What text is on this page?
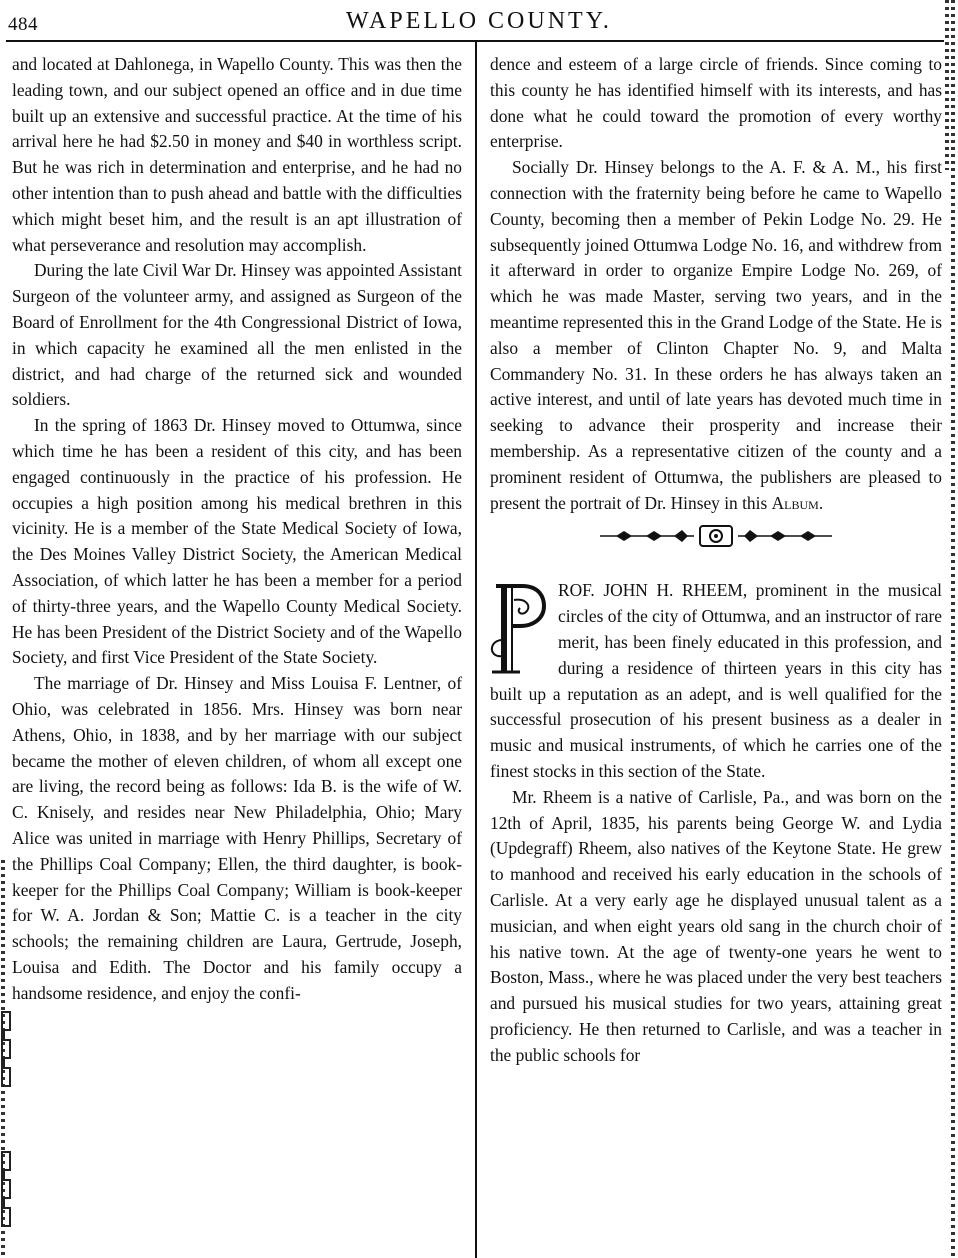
484	WAPELLO COUNTY.

and located at Dahlonega, in Wapello County. This was then the leading town, and our subject opened an office and in due time built up an extensive and successful practice. At the time of his arrival here he had $2.50 in money and $40 in worthless script. But he was rich in determination and enterprise, and he had no other intention than to push ahead and battle with the difficulties which might beset him, and the result is an apt illustration of what perseverance and resolution may accomplish.

During the late Civil War Dr. Hinsey was appointed Assistant Surgeon of the volunteer army, and assigned as Surgeon of the Board of Enrollment for the 4th Congressional District of Iowa, in which capacity he examined all the men enlisted in the district, and had charge of the returned sick and wounded soldiers.

In the spring of 1863 Dr. Hinsey moved to Ottumwa, since which time he has been a resident of this city, and has been engaged continuously in the practice of his profession. He occupies a high position among his medical brethren in this vicinity. He is a member of the State Medical Society of Iowa, the Des Moines Valley District Society, the American Medical Association, of which latter he has been a member for a period of thirty-three years, and the Wapello County Medical Society. He has been President of the District Society and of the Wapello Society, and first Vice President of the State Society.

The marriage of Dr. Hinsey and Miss Louisa F. Lentner, of Ohio, was celebrated in 1856. Mrs. Hinsey was born near Athens, Ohio, in 1838, and by her marriage with our subject became the mother of eleven children, of whom all except one are living, the record being as follows: Ida B. is the wife of W. C. Knisely, and resides near New Philadelphia, Ohio; Mary Alice was united in marriage with Henry Phillips, Secretary of the Phillips Coal Company; Ellen, the third daughter, is book-keeper for the Phillips Coal Company; William is book-keeper for W. A. Jordan & Son; Mattie C. is a teacher in the city schools; the remaining children are Laura, Gertrude, Joseph, Louisa and Edith. The Doctor and his family occupy a handsome residence, and enjoy the confi-

dence and esteem of a large circle of friends. Since coming to this county he has identified himself with its interests, and has done what he could toward the promotion of every worthy enterprise.

Socially Dr. Hinsey belongs to the A. F. & A. M., his first connection with the fraternity being before he came to Wapello County, becoming then a member of Pekin Lodge No. 29. He subsequently joined Ottumwa Lodge No. 16, and withdrew from it afterward in order to organize Empire Lodge No. 269, of which he was made Master, serving two years, and in the meantime represented this in the Grand Lodge of the State. He is also a member of Clinton Chapter No. 9, and Malta Commandery No. 31. In these orders he has always taken an active interest, and until of late years has devoted much time in seeking to advance their prosperity and increase their membership. As a representative citizen of the county and a prominent resident of Ottumwa, the publishers are pleased to present the portrait of Dr. Hinsey in this Album.

ROF. JOHN H. RHEEM, prominent in the musical circles of the city of Ottumwa, and an instructor of rare merit, has been finely educated in this profession, and during a residence of thirteen years in this city has built up a reputation as an adept, and is well qualified for the successful prosecution of his present business as a dealer in music and musical instruments, of which he carries one of the finest stocks in this section of the State.

Mr. Rheem is a native of Carlisle, Pa., and was born on the 12th of April, 1835, his parents being George W. and Lydia (Updegraff) Rheem, also natives of the Keytone State. He grew to manhood and received his early education in the schools of Carlisle. At a very early age he displayed unusual talent as a musician, and when eight years old sang in the church choir of his native town. At the age of twenty-one years he went to Boston, Mass., where he was placed under the very best teachers and pursued his musical studies for two years, attaining great proficiency. He then returned to Carlisle, and was a teacher in the public schools for
